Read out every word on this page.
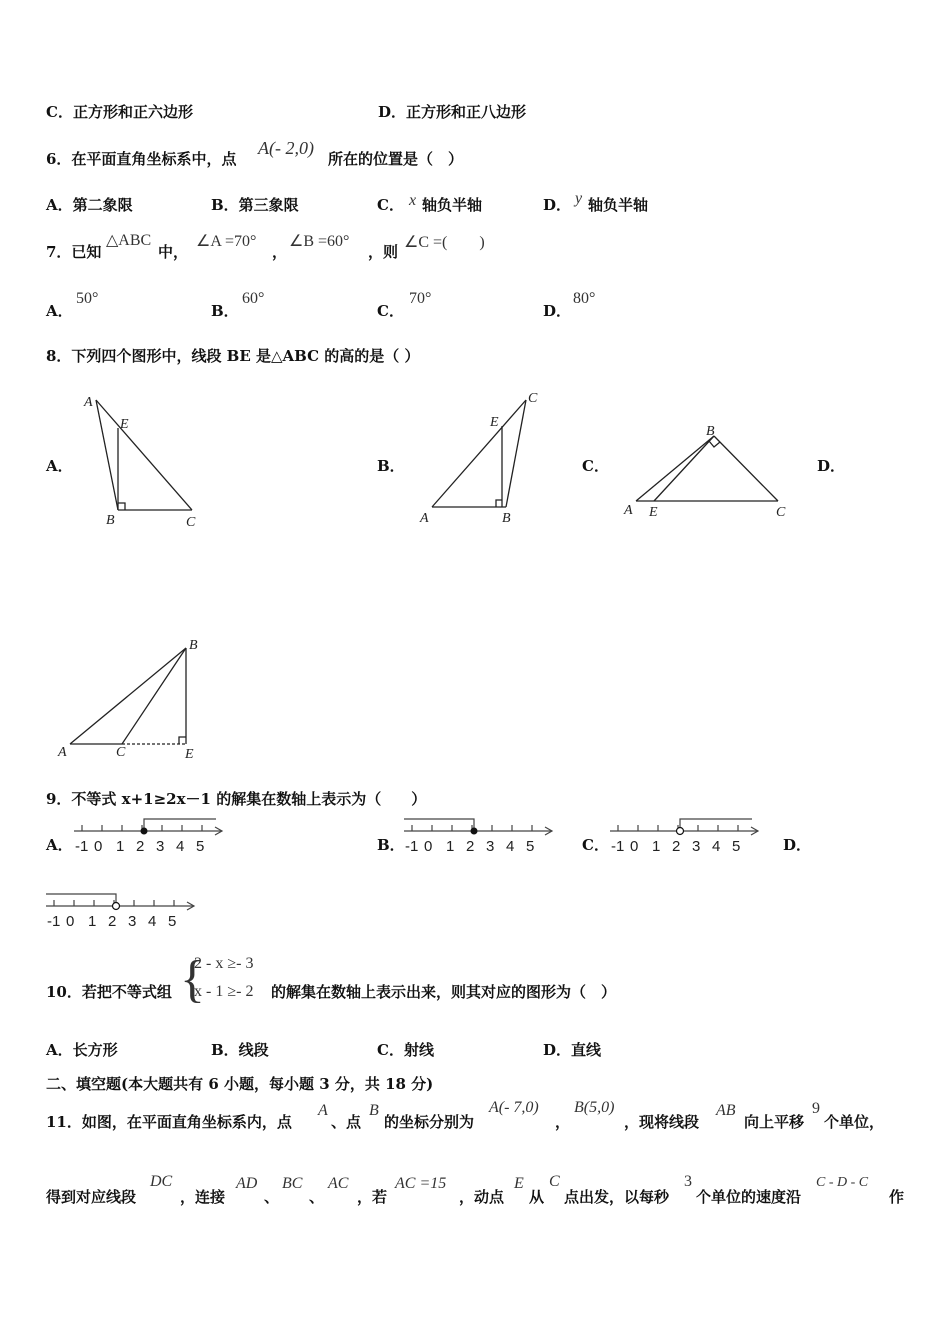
C．正方形和正六边形	D．正方形和正八边形
6．在平面直角坐标系中，点
A(- 2,0)
所在的位置是（　）
A．第二象限	B．第三象限	C． x 轴负半轴	D． y 轴负半轴
7．已知
△ABC
中，
∠A =70°
，
∠B =60°
，则
∠C =(　　)
A．
50°
B．
60°
C．
70°
D．
80°
8．下列四个图形中，线段 BE 是△ABC 的高的是（ ）
A．
A
E
B	C
B．
A
E
B
C
C．
A E
B
C
D．
A	C
B
E
9．不等式 x+1≥2x－1 的解集在数轴上表示为（　　）
A． -1 0 1 2 3 4 5	B． -1 0 1 2 3 4 5	C． -1 0 1 2 3 4 5	D．
-1 0 1 2 3 4 5
10．若把不等式组 {
2 - x ≥- 3
x - 1 ≥- 2 的解集在数轴上表示出来，则其对应的图形为（　）
A．长方形	B．线段	C．射线	D．直线
二、填空题(本大题共有 6 小题，每小题 3 分，共 18 分)
11．如图，在平面直角坐标系内，点
A
、点
B
的坐标分别为
A(- 7,0)
，
B(5,0)
，现将线段
AB
向上平移
9
个单位，
得到对应线段
DC
，连接
AD
、
BC
、
AC
，若
AC =15
，动点
E
从
C
点出发，以每秒
3
个单位的速度沿
C - D - C
作
